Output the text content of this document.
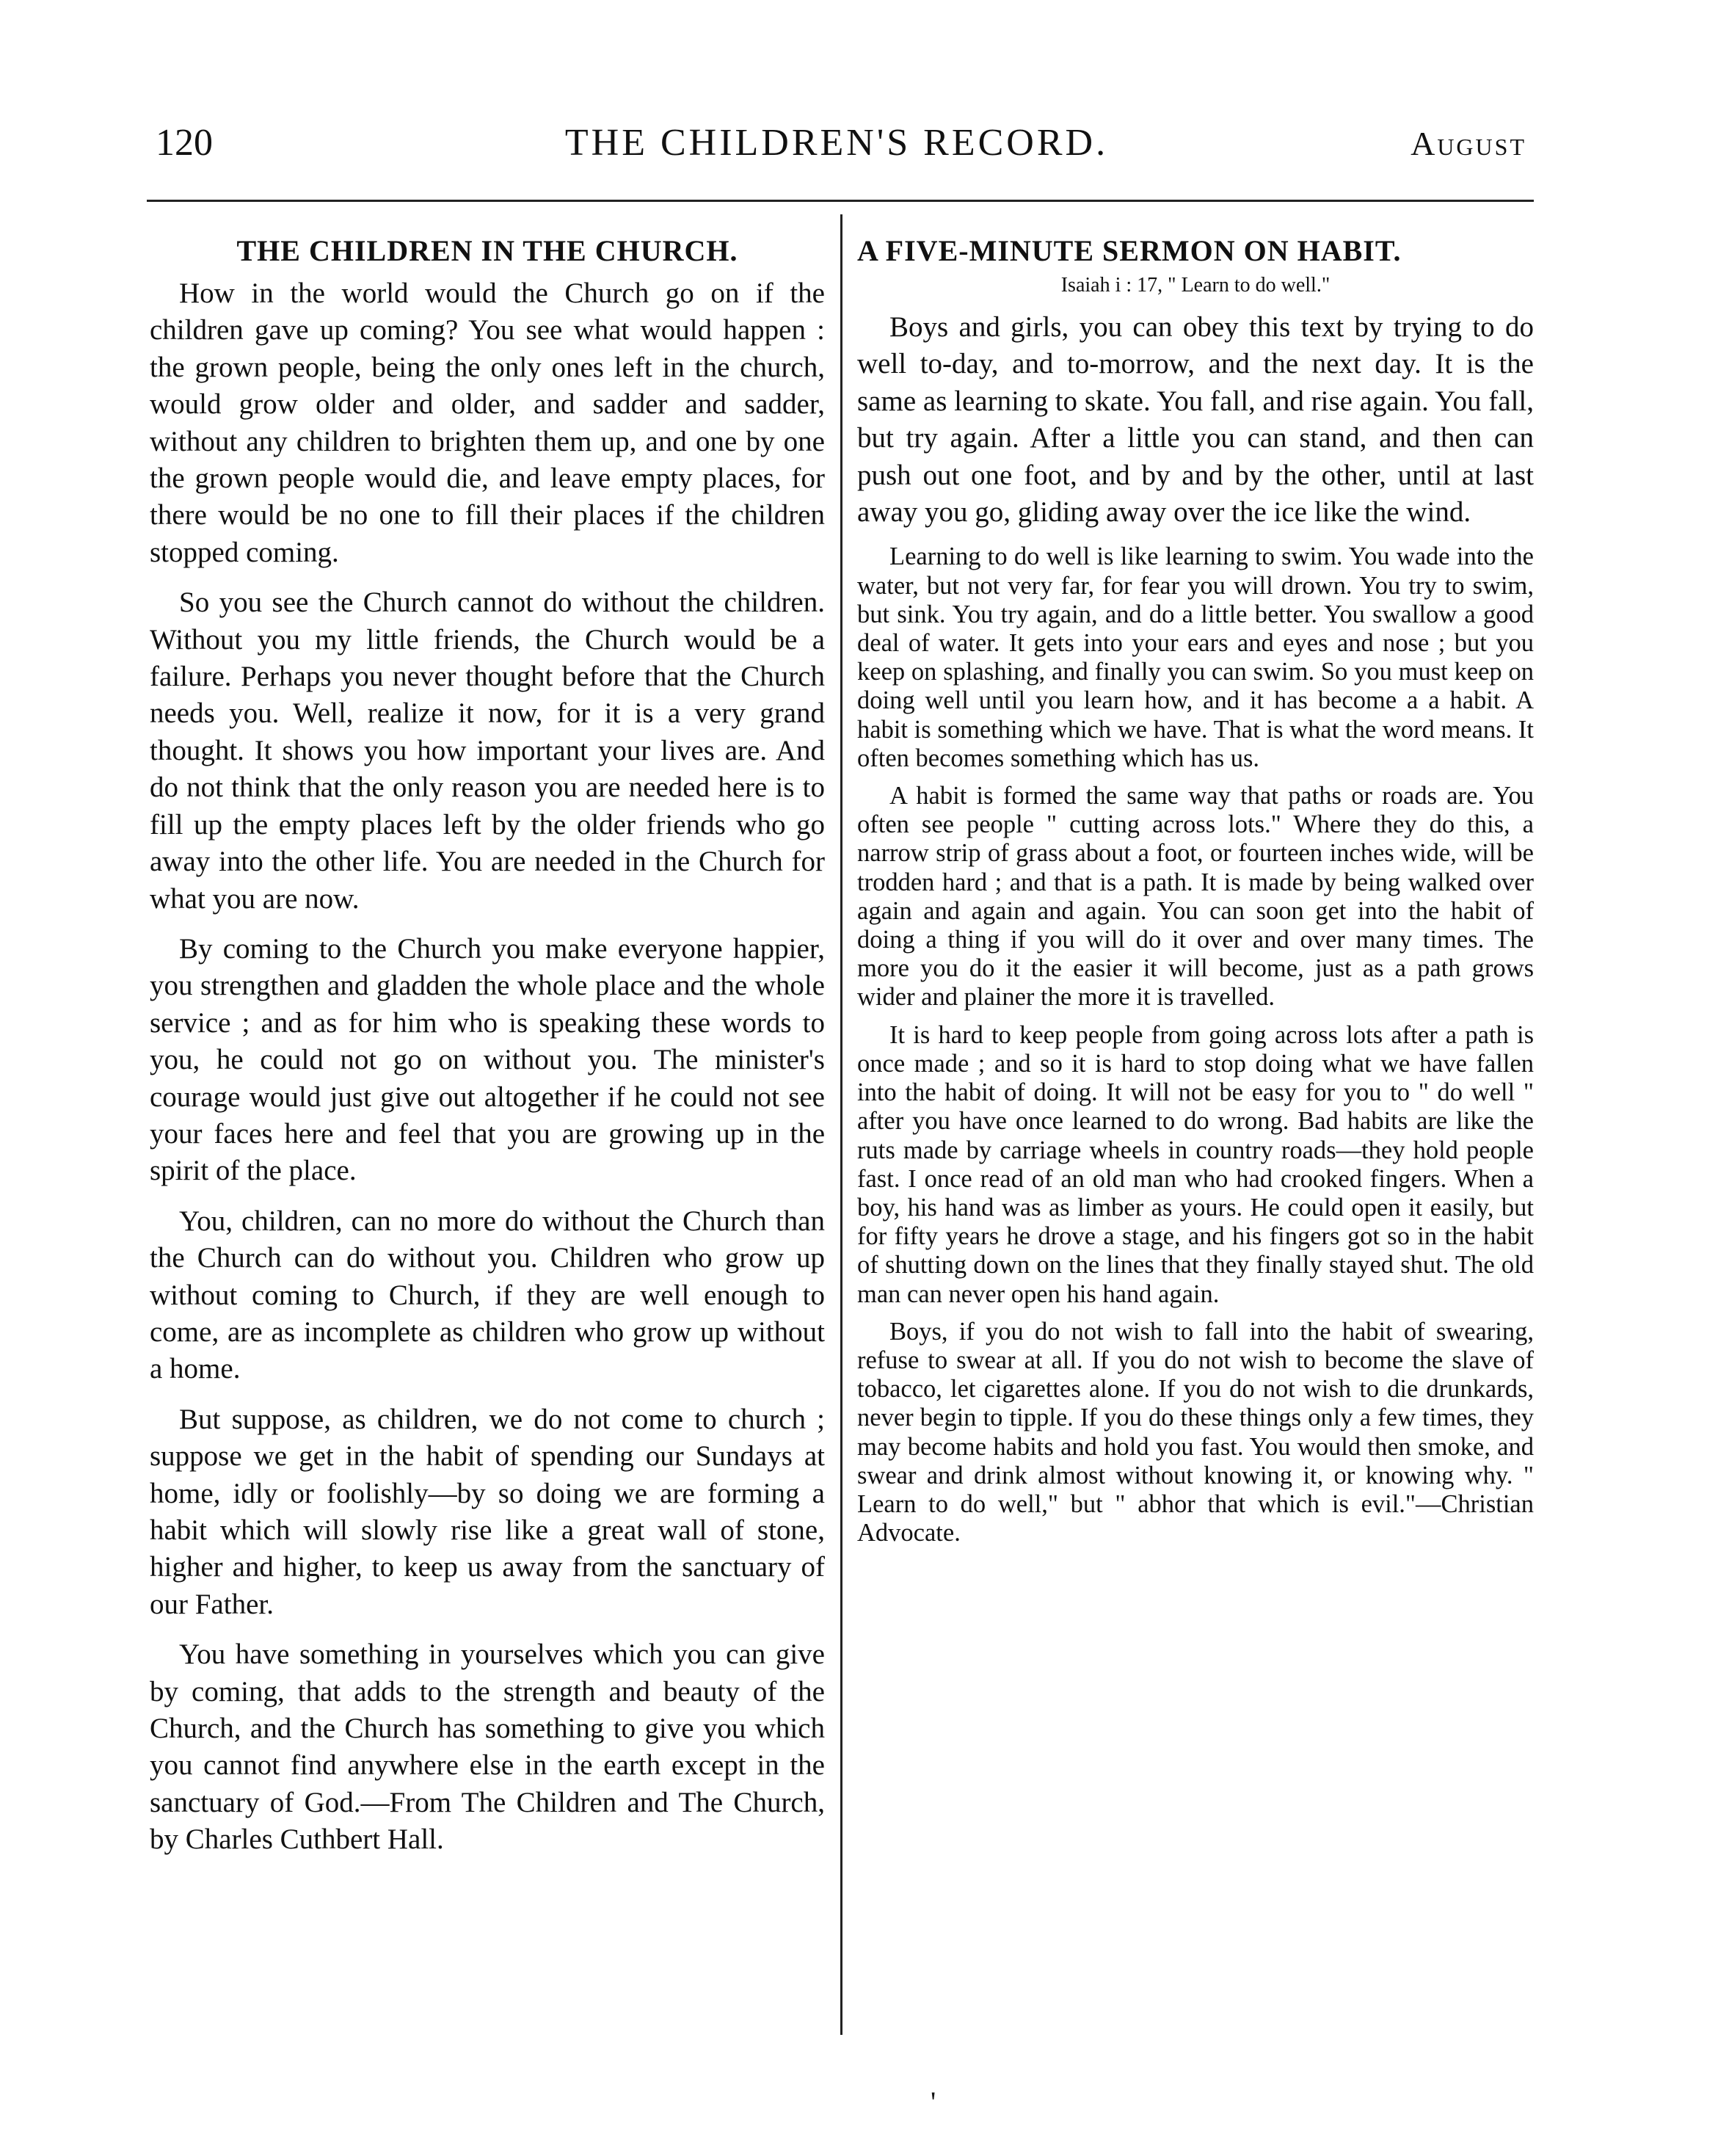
120	THE CHILDREN'S RECORD.	August
THE CHILDREN IN THE CHURCH.

How in the world would the Church go on if the children gave up coming? You see what would happen : the grown people, being the only ones left in the church, would grow older and older, and sadder and sadder, without any children to brighten them up, and one by one the grown people would die, and leave empty places, for there would be no one to fill their places if the children stopped coming.

So you see the Church cannot do without the children. Without you my little friends, the Church would be a failure. Perhaps you never thought before that the Church needs you. Well, realize it now, for it is a very grand thought. It shows you how important your lives are. And do not think that the only reason you are needed here is to fill up the empty places left by the older friends who go away into the other life. You are needed in the Church for what you are now.

By coming to the Church you make everyone happier, you strengthen and gladden the whole place and the whole service ; and as for him who is speaking these words to you, he could not go on without you. The minister's courage would just give out altogether if he could not see your faces here and feel that you are growing up in the spirit of the place.

You, children, can no more do without the Church than the Church can do without you. Children who grow up without coming to Church, if they are well enough to come, are as incomplete as children who grow up without a home.

But suppose, as children, we do not come to church ; suppose we get in the habit of spending our Sundays at home, idly or foolishly—by so doing we are forming a habit which will slowly rise like a great wall of stone, higher and higher, to keep us away from the sanctuary of our Father.

You have something in yourselves which you can give by coming, that adds to the strength and beauty of the Church, and the Church has something to give you which you cannot find anywhere else in the earth except in the sanctuary of God.—From The Children and The Church, by Charles Cuthbert Hall.

A FIVE-MINUTE SERMON ON HABIT.
Isaiah i : 17, " Learn to do well."

Boys and girls, you can obey this text by trying to do well to-day, and to-morrow, and the next day. It is the same as learning to skate. You fall, and rise again. You fall, but try again. After a little you can stand, and then can push out one foot, and by and by the other, until at last away you go, gliding away over the ice like the wind.

Learning to do well is like learning to swim. You wade into the water, but not very far, for fear you will drown. You try to swim, but sink. You try again, and do a little better. You swallow a good deal of water. It gets into your ears and eyes and nose ; but you keep on splashing, and finally you can swim. So you must keep on doing well until you learn how, and it has become a a habit. A habit is something which we have. That is what the word means. It often becomes something which has us.

A habit is formed the same way that paths or roads are. You often see people " cutting across lots." Where they do this, a narrow strip of grass about a foot, or fourteen inches wide, will be trodden hard ; and that is a path. It is made by being walked over again and again and again. You can soon get into the habit of doing a thing if you will do it over and over many times. The more you do it the easier it will become, just as a path grows wider and plainer the more it is travelled.

It is hard to keep people from going across lots after a path is once made ; and so it is hard to stop doing what we have fallen into the habit of doing. It will not be easy for you to " do well " after you have once learned to do wrong. Bad habits are like the ruts made by carriage wheels in country roads—they hold people fast. I once read of an old man who had crooked fingers. When a boy, his hand was as limber as yours. He could open it easily, but for fifty years he drove a stage, and his fingers got so in the habit of shutting down on the lines that they finally stayed shut. The old man can never open his hand again.

Boys, if you do not wish to fall into the habit of swearing, refuse to swear at all. If you do not wish to become the slave of tobacco, let cigarettes alone. If you do not wish to die drunkards, never begin to tipple. If you do these things only a few times, they may become habits and hold you fast. You would then smoke, and swear and drink almost without knowing it, or knowing why. " Learn to do well," but " abhor that which is evil."—Christian Advocate.

'
